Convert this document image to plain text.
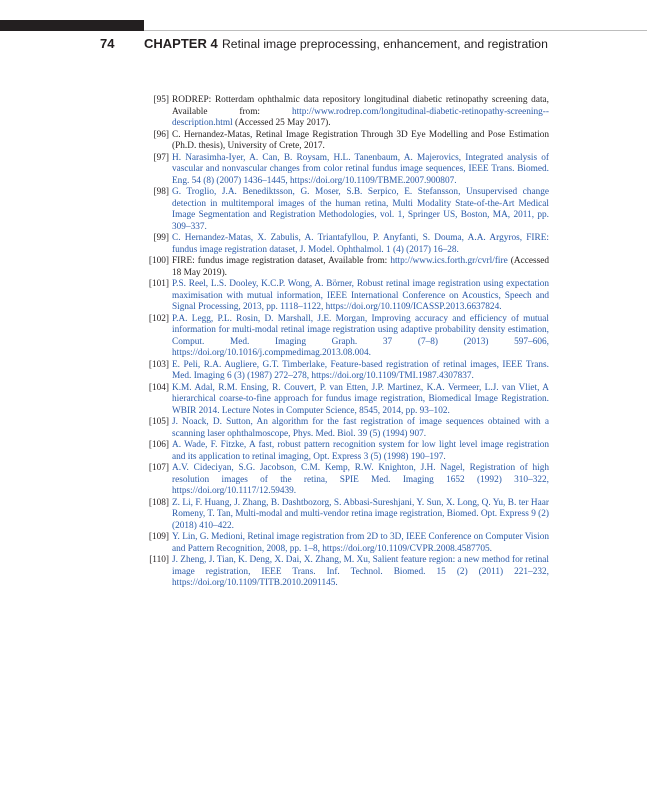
74 CHAPTER 4 Retinal image preprocessing, enhancement, and registration
[95] RODREP: Rotterdam ophthalmic data repository longitudinal diabetic retinopathy screening data, Available from: http://www.rodrep.com/longitudinal-diabetic-retinopathy-screening--description.html (Accessed 25 May 2017).
[96] C. Hernandez-Matas, Retinal Image Registration Through 3D Eye Modelling and Pose Estimation (Ph.D. thesis), University of Crete, 2017.
[97] H. Narasimha-Iyer, A. Can, B. Roysam, H.L. Tanenbaum, A. Majerovics, Integrated analysis of vascular and nonvascular changes from color retinal fundus image sequences, IEEE Trans. Biomed. Eng. 54 (8) (2007) 1436–1445, https://doi.org/10.1109/TBME.2007.900807.
[98] G. Troglio, J.A. Benediktsson, G. Moser, S.B. Serpico, E. Stefansson, Unsupervised change detection in multitemporal images of the human retina, Multi Modality State-of-the-Art Medical Image Segmentation and Registration Methodologies, vol. 1, Springer US, Boston, MA, 2011, pp. 309–337.
[99] C. Hernandez-Matas, X. Zabulis, A. Triantafyllou, P. Anyfanti, S. Douma, A.A. Argyros, FIRE: fundus image registration dataset, J. Model. Ophthalmol. 1 (4) (2017) 16–28.
[100] FIRE: fundus image registration dataset, Available from: http://www.ics.forth.gr/cvrl/fire (Accessed 18 May 2019).
[101] P.S. Reel, L.S. Dooley, K.C.P. Wong, A. Börner, Robust retinal image registration using expectation maximisation with mutual information, IEEE International Conference on Acoustics, Speech and Signal Processing, 2013, pp. 1118–1122, https://doi.org/10.1109/ICASSP.2013.6637824.
[102] P.A. Legg, P.L. Rosin, D. Marshall, J.E. Morgan, Improving accuracy and efficiency of mutual information for multi-modal retinal image registration using adaptive probability density estimation, Comput. Med. Imaging Graph. 37 (7–8) (2013) 597–606, https://doi.org/10.1016/j.compmedimag.2013.08.004.
[103] E. Peli, R.A. Augliere, G.T. Timberlake, Feature-based registration of retinal images, IEEE Trans. Med. Imaging 6 (3) (1987) 272–278, https://doi.org/10.1109/TMI.1987.4307837.
[104] K.M. Adal, R.M. Ensing, R. Couvert, P. van Etten, J.P. Martinez, K.A. Vermeer, L.J. van Vliet, A hierarchical coarse-to-fine approach for fundus image registration, Biomedical Image Registration. WBIR 2014. Lecture Notes in Computer Science, 8545, 2014, pp. 93–102.
[105] J. Noack, D. Sutton, An algorithm for the fast registration of image sequences obtained with a scanning laser ophthalmoscope, Phys. Med. Biol. 39 (5) (1994) 907.
[106] A. Wade, F. Fitzke, A fast, robust pattern recognition system for low light level image registration and its application to retinal imaging, Opt. Express 3 (5) (1998) 190–197.
[107] A.V. Cideciyan, S.G. Jacobson, C.M. Kemp, R.W. Knighton, J.H. Nagel, Registration of high resolution images of the retina, SPIE Med. Imaging 1652 (1992) 310–322, https://doi.org/10.1117/12.59439.
[108] Z. Li, F. Huang, J. Zhang, B. Dashtbozorg, S. Abbasi-Sureshjani, Y. Sun, X. Long, Q. Yu, B. ter Haar Romeny, T. Tan, Multi-modal and multi-vendor retina image registration, Biomed. Opt. Express 9 (2) (2018) 410–422.
[109] Y. Lin, G. Medioni, Retinal image registration from 2D to 3D, IEEE Conference on Computer Vision and Pattern Recognition, 2008, pp. 1–8, https://doi.org/10.1109/CVPR.2008.4587705.
[110] J. Zheng, J. Tian, K. Deng, X. Dai, X. Zhang, M. Xu, Salient feature region: a new method for retinal image registration, IEEE Trans. Inf. Technol. Biomed. 15 (2) (2011) 221–232, https://doi.org/10.1109/TITB.2010.2091145.
